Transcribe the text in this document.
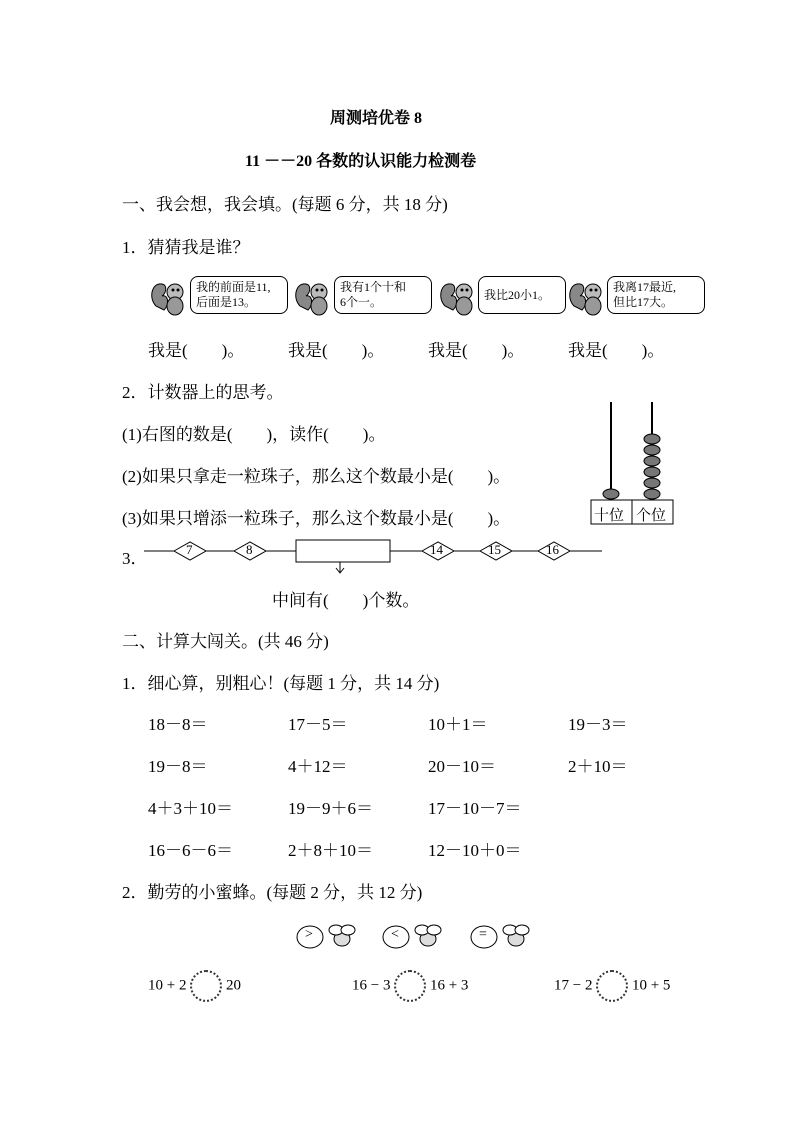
周测培优卷 8
11 －－20 各数的认识能力检测卷
一、我会想，我会填。(每题 6 分，共 18 分)
1．猜猜我是谁？
我的前面是11,
后面是13。
我有1个十和
6个一。	我比20小1。
我离17最近,
但比17大。
我是(　　)。	我是(　　)。	我是(　　)。	我是(　　)。
2．计数器上的思考。
(1)右图的数是(　　)，读作(　　)。
(2)如果只拿走一粒珠子，那么这个数最小是(　　)。
(3)如果只增添一粒珠子，那么这个数最小是(　　)。	十位 个位
3．	7	8	14	15	16
中间有(　　)个数。
二、计算大闯关。(共 46 分)
1．细心算，别粗心！(每题 1 分，共 14 分)
18－8＝	17－5＝	10＋1＝	19－3＝
19－8＝	4＋12＝	20－10＝	2＋10＝
4＋3＋10＝	19－9＋6＝	17－10－7＝
16－6－6＝	2＋8＋10＝	12－10＋0＝
2．勤劳的小蜜蜂。(每题 2 分，共 12 分)
>	<	=
10 + 2	20	16 − 3	16 + 3	17 − 2	10 + 5
